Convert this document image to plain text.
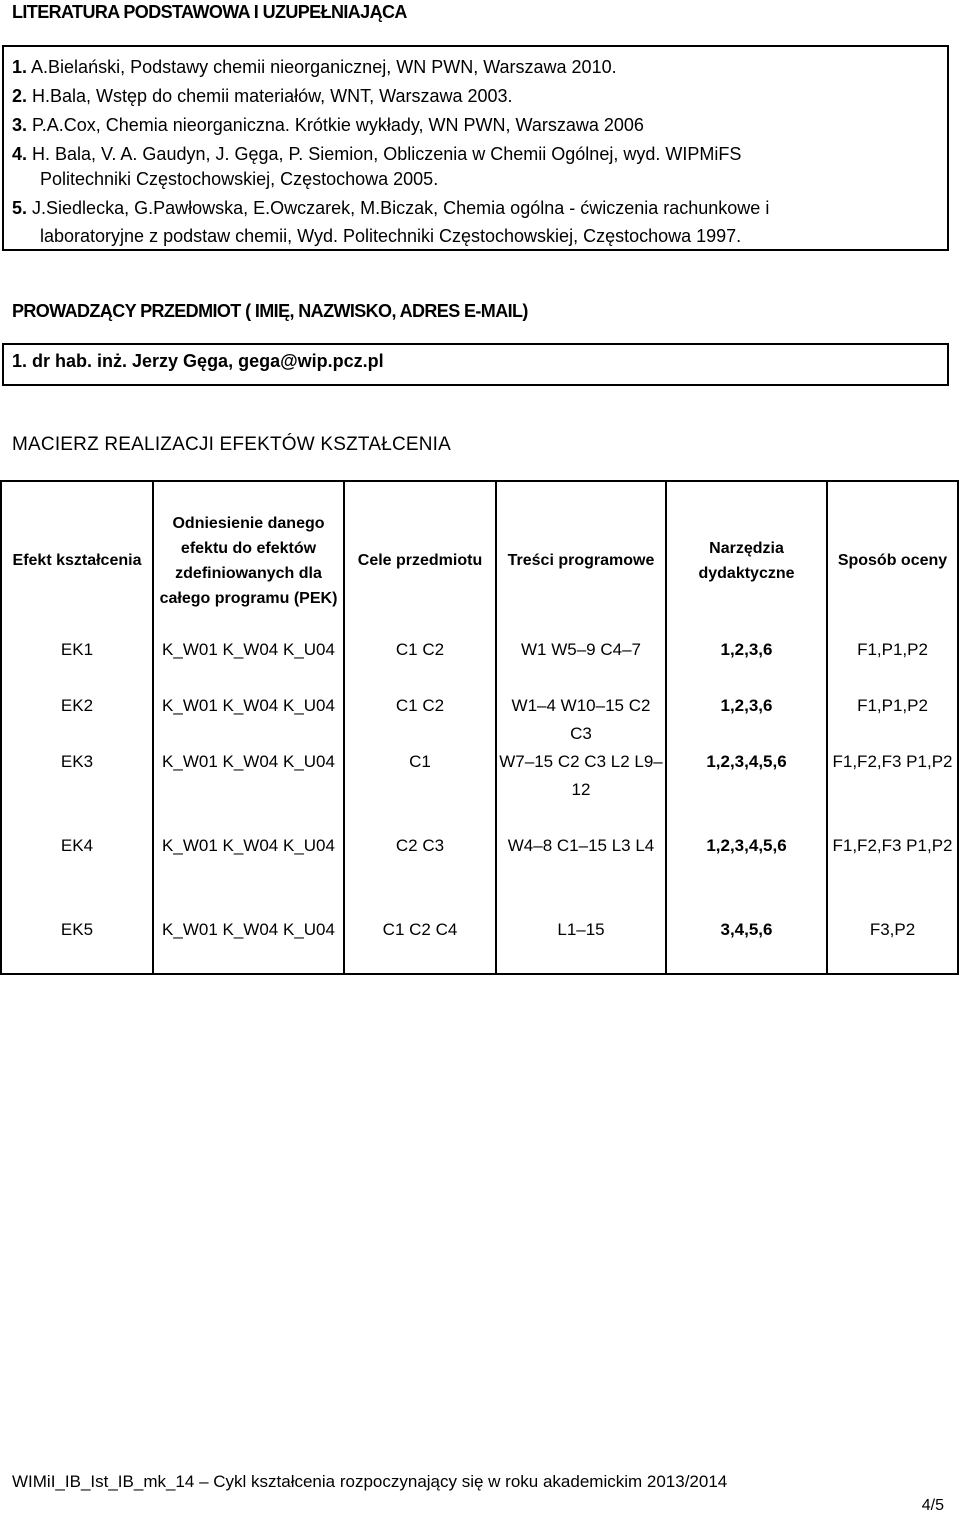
LITERATURA PODSTAWOWA I UZUPEŁNIAJĄCA
1. A.Bielański, Podstawy chemii nieorganicznej, WN PWN, Warszawa 2010.
2. H.Bala, Wstęp do chemii materiałów, WNT, Warszawa 2003.
3. P.A.Cox, Chemia nieorganiczna. Krótkie wykłady, WN PWN, Warszawa 2006
4. H. Bala, V. A. Gaudyn, J. Gęga, P. Siemion, Obliczenia w Chemii Ogólnej, wyd. WIPMiFS
Politechniki Częstochowskiej, Częstochowa 2005.
5. J.Siedlecka, G.Pawłowska, E.Owczarek, M.Biczak, Chemia ogólna - ćwiczenia rachunkowe i
laboratoryjne z podstaw chemii, Wyd. Politechniki Częstochowskiej, Częstochowa 1997.
PROWADZĄCY PRZEDMIOT ( IMIĘ, NAZWISKO, ADRES E-MAIL)
1. dr hab. inż. Jerzy Gęga, gega@wip.pcz.pl
MACIERZ REALIZACJI EFEKTÓW KSZTAŁCENIA
Efekt kształcenia	Odniesienie danego efektu do efektów zdefiniowanych dla całego programu (PEK)	Cele przedmiotu	Treści programowe	Narzędzia dydaktyczne	Sposób oceny
EK1	K_W01 K_W04 K_U04	C1 C2	W1 W5–9 C4–7	1,2,3,6	F1,P1,P2
EK2	K_W01 K_W04 K_U04	C1 C2	W1–4 W10–15 C2 C3	1,2,3,6	F1,P1,P2
EK3	K_W01 K_W04 K_U04	C1	W7–15 C2 C3 L2 L9–12	1,2,3,4,5,6	F1,F2,F3 P1,P2
EK4	K_W01 K_W04 K_U04	C2 C3	W4–8 C1–15 L3 L4	1,2,3,4,5,6	F1,F2,F3 P1,P2
EK5	K_W01 K_W04 K_U04	C1 C2 C4	L1–15	3,4,5,6	F3,P2
WIMiI_IB_Ist_IB_mk_14 – Cykl kształcenia rozpoczynający się w roku akademickim 2013/2014
4/5
